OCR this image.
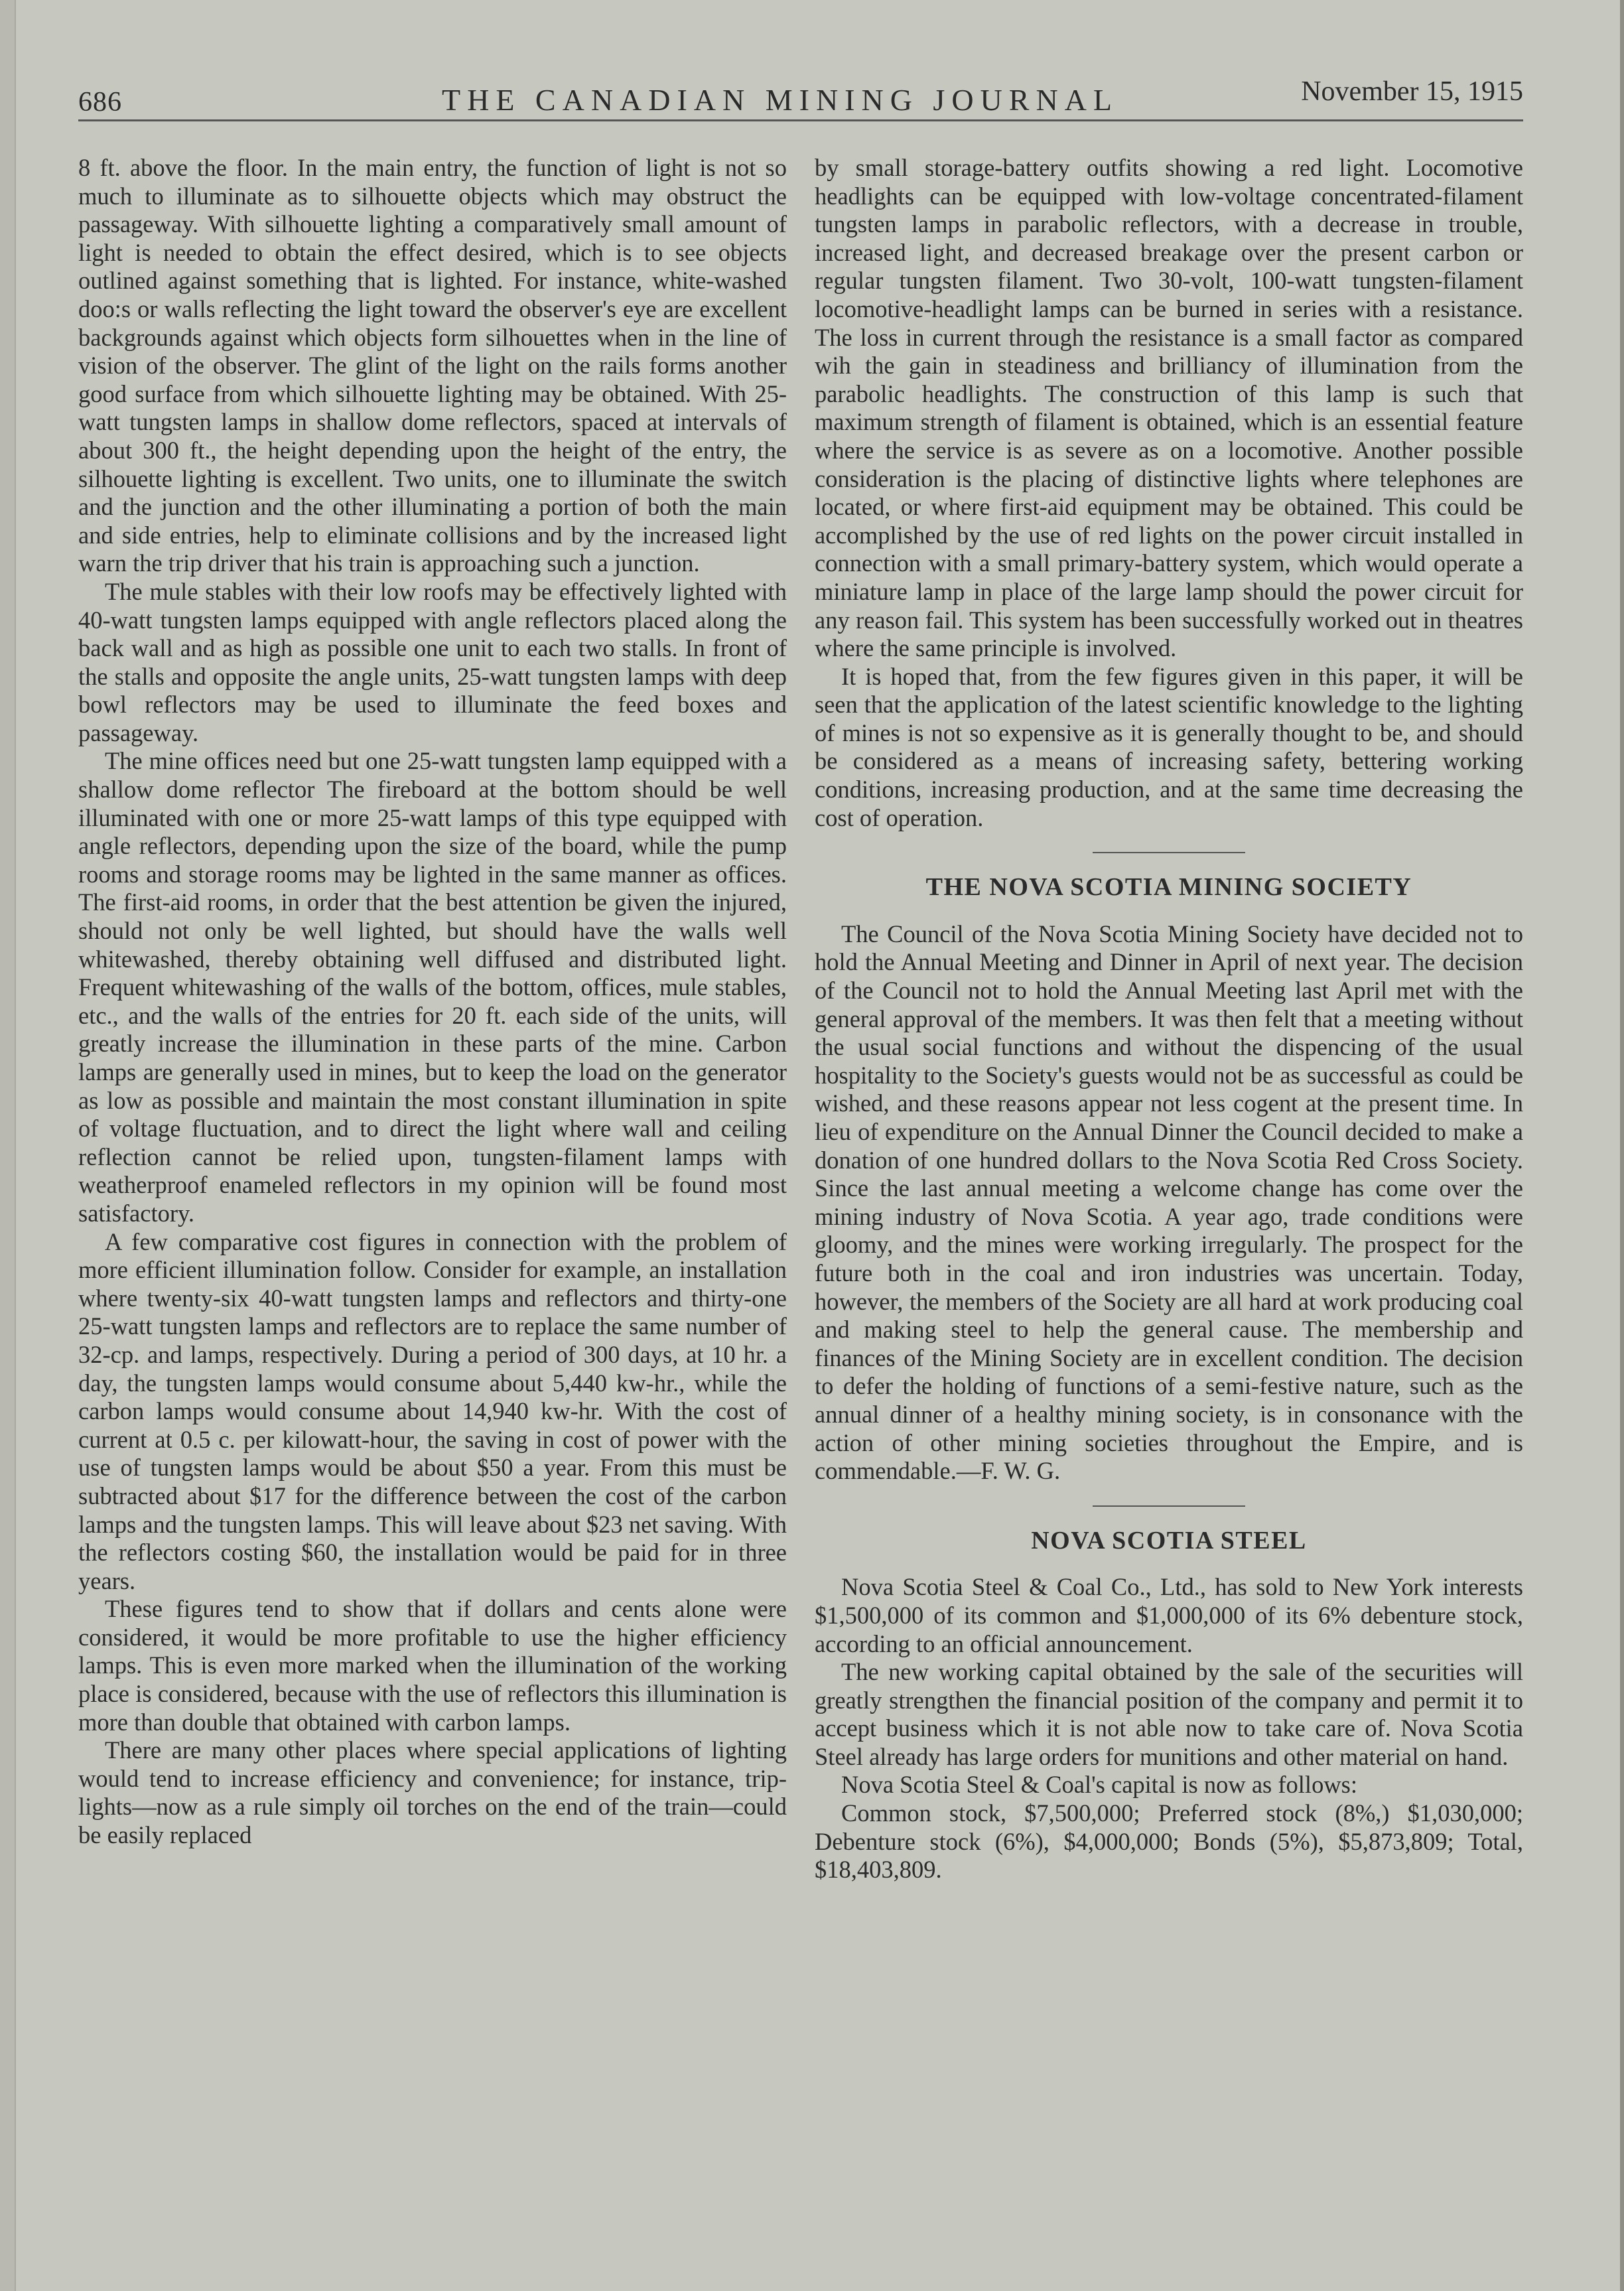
686	THE CANADIAN MINING JOURNAL	November 15, 1915

8 ft. above the floor. In the main entry, the function of light is not so much to illuminate as to silhouette objects which may obstruct the passageway. With silhouette lighting a comparatively small amount of light is needed to obtain the effect desired, which is to see objects outlined against something that is lighted. For instance, white-washed doo:s or walls reflecting the light toward the observer's eye are excellent backgrounds against which objects form silhouettes when in the line of vision of the observer. The glint of the light on the rails forms another good surface from which silhouette lighting may be obtained. With 25-watt tungsten lamps in shallow dome reflectors, spaced at intervals of about 300 ft., the height depending upon the height of the entry, the silhouette lighting is excellent. Two units, one to illuminate the switch and the junction and the other illuminating a portion of both the main and side entries, help to eliminate collisions and by the increased light warn the trip driver that his train is approaching such a junction.

The mule stables with their low roofs may be effectively lighted with 40-watt tungsten lamps equipped with angle reflectors placed along the back wall and as high as possible one unit to each two stalls. In front of the stalls and opposite the angle units, 25-watt tungsten lamps with deep bowl reflectors may be used to illuminate the feed boxes and passageway.

The mine offices need but one 25-watt tungsten lamp equipped with a shallow dome reflector The fireboard at the bottom should be well illuminated with one or more 25-watt lamps of this type equipped with angle reflectors, depending upon the size of the board, while the pump rooms and storage rooms may be lighted in the same manner as offices. The first-aid rooms, in order that the best attention be given the injured, should not only be well lighted, but should have the walls well whitewashed, thereby obtaining well diffused and distributed light. Frequent whitewashing of the walls of the bottom, offices, mule stables, etc., and the walls of the entries for 20 ft. each side of the units, will greatly increase the illumination in these parts of the mine. Carbon lamps are generally used in mines, but to keep the load on the generator as low as possible and maintain the most constant illumination in spite of voltage fluctuation, and to direct the light where wall and ceiling reflection cannot be relied upon, tungsten-filament lamps with weatherproof enameled reflectors in my opinion will be found most satisfactory.

A few comparative cost figures in connection with the problem of more efficient illumination follow. Consider for example, an installation where twenty-six 40-watt tungsten lamps and reflectors and thirty-one 25-watt tungsten lamps and reflectors are to replace the same number of 32-cp. and lamps, respectively. During a period of 300 days, at 10 hr. a day, the tungsten lamps would consume about 5,440 kw-hr., while the carbon lamps would consume about 14,940 kw-hr. With the cost of current at 0.5 c. per kilowatt-hour, the saving in cost of power with the use of tungsten lamps would be about $50 a year. From this must be subtracted about $17 for the difference between the cost of the carbon lamps and the tungsten lamps. This will leave about $23 net saving. With the reflectors costing $60, the installation would be paid for in three years.

These figures tend to show that if dollars and cents alone were considered, it would be more profitable to use the higher efficiency lamps. This is even more marked when the illumination of the working place is considered, because with the use of reflectors this illumination is more than double that obtained with carbon lamps.

There are many other places where special applications of lighting would tend to increase efficiency and convenience; for instance, trip-lights—now as a rule simply oil torches on the end of the train—could be easily replaced

by small storage-battery outfits showing a red light. Locomotive headlights can be equipped with low-voltage concentrated-filament tungsten lamps in parabolic reflectors, with a decrease in trouble, increased light, and decreased breakage over the present carbon or regular tungsten filament. Two 30-volt, 100-watt tungsten-filament locomotive-headlight lamps can be burned in series with a resistance. The loss in current through the resistance is a small factor as compared wih the gain in steadiness and brilliancy of illumination from the parabolic headlights. The construction of this lamp is such that maximum strength of filament is obtained, which is an essential feature where the service is as severe as on a locomotive. Another possible consideration is the placing of distinctive lights where telephones are located, or where first-aid equipment may be obtained. This could be accomplished by the use of red lights on the power circuit installed in connection with a small primary-battery system, which would operate a miniature lamp in place of the large lamp should the power circuit for any reason fail. This system has been successfully worked out in theatres where the same principle is involved.

It is hoped that, from the few figures given in this paper, it will be seen that the application of the latest scientific knowledge to the lighting of mines is not so expensive as it is generally thought to be, and should be considered as a means of increasing safety, bettering working conditions, increasing production, and at the same time decreasing the cost of operation.

THE NOVA SCOTIA MINING SOCIETY

The Council of the Nova Scotia Mining Society have decided not to hold the Annual Meeting and Dinner in April of next year. The decision of the Council not to hold the Annual Meeting last April met with the general approval of the members. It was then felt that a meeting without the usual social functions and without the dispencing of the usual hospitality to the Society's guests would not be as successful as could be wished, and these reasons appear not less cogent at the present time. In lieu of expenditure on the Annual Dinner the Council decided to make a donation of one hundred dollars to the Nova Scotia Red Cross Society. Since the last annual meeting a welcome change has come over the mining industry of Nova Scotia. A year ago, trade conditions were gloomy, and the mines were working irregularly. The prospect for the future both in the coal and iron industries was uncertain. Today, however, the members of the Society are all hard at work producing coal and making steel to help the general cause. The membership and finances of the Mining Society are in excellent condition. The decision to defer the holding of functions of a semi-festive nature, such as the annual dinner of a healthy mining society, is in consonance with the action of other mining societies throughout the Empire, and is commendable.—F. W. G.

NOVA SCOTIA STEEL

Nova Scotia Steel & Coal Co., Ltd., has sold to New York interests $1,500,000 of its common and $1,000,000 of its 6% debenture stock, according to an official announcement.

The new working capital obtained by the sale of the securities will greatly strengthen the financial position of the company and permit it to accept business which it is not able now to take care of. Nova Scotia Steel already has large orders for munitions and other material on hand.

Nova Scotia Steel & Coal's capital is now as follows:

Common stock, $7,500,000; Preferred stock (8%,) $1,030,000; Debenture stock (6%), $4,000,000; Bonds (5%), $5,873,809; Total, $18,403,809.
